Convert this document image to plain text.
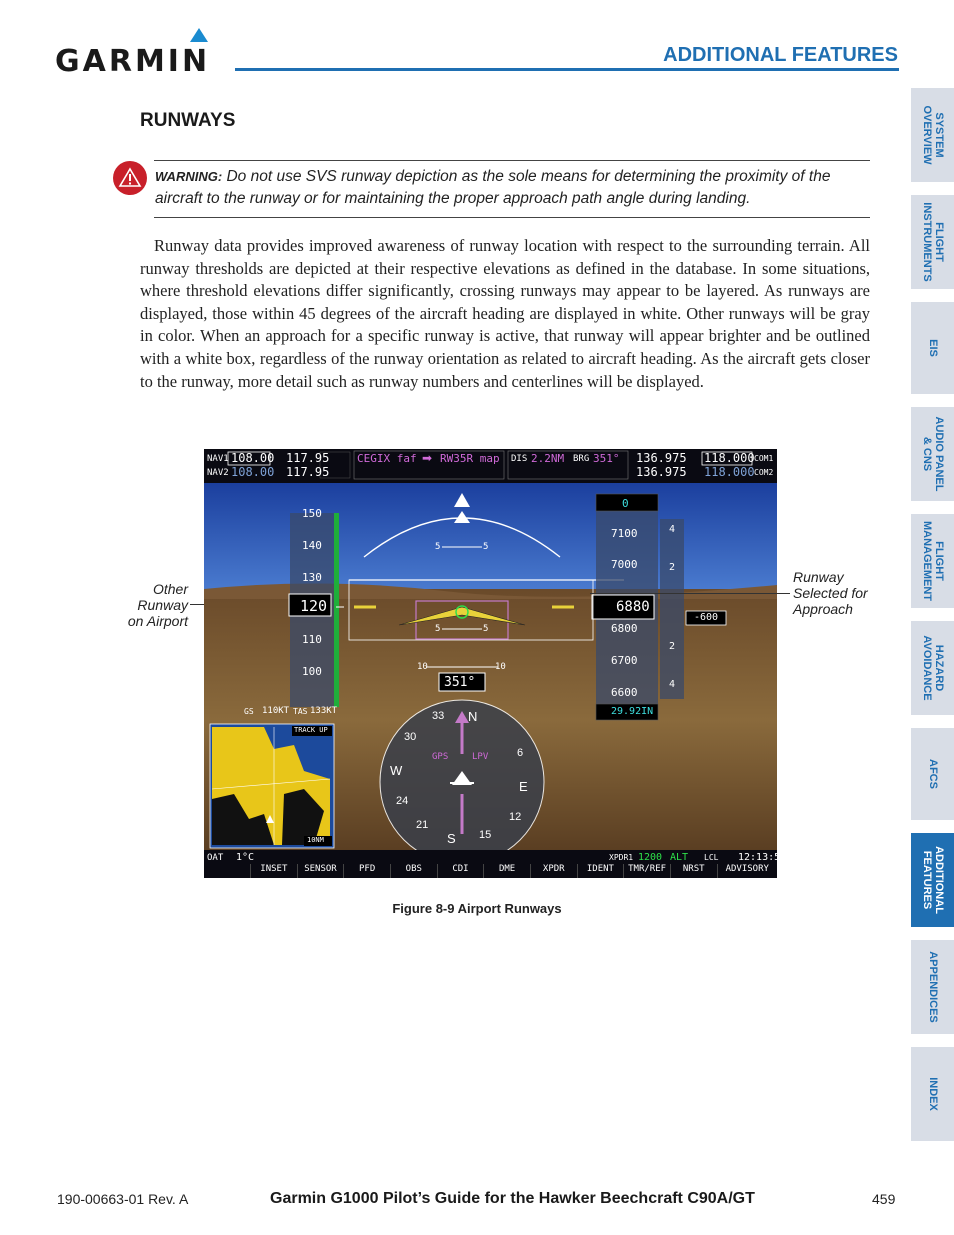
GARMIN	ADDITIONAL FEATURES
RUNWAYS
WARNING: Do not use SVS runway depiction as the sole means for determining the proximity of the aircraft to the runway or for maintaining the proper approach path angle during landing.
Runway data provides improved awareness of runway location with respect to the surrounding terrain. All runway thresholds are depicted at their respective elevations as defined in the database. In some situations, where threshold elevations differ significantly, crossing runways may appear to be layered. As runways are displayed, those within 45 degrees of the aircraft heading are displayed in white. Other runways will be gray in color. When an approach for a specific runway is active, that runway will appear brighter and be outlined with a white box, regardless of the runway orientation as related to aircraft heading. As the aircraft gets closer to the runway, more detail such as runway numbers and centerlines will be displayed.
Other
Runway
on Airport
Runway
Selected for
Approach
NAV1 108.00 117.95
NAV2 108.00 117.95
CEGIX faf ➡ RW35R map DIS 2.2NM BRG 351° 136.975 118.000 COM1
136.975 118.000 COM2
150
140
130
120
110
100
0
7100
7000
6880
6800
6700
6600
4
2
-600
2
4
29.92IN
5	5
5	5
10	10
351°
GPS	LPV
33
30
W
24
21
S 15
12
E
6
N
GS 110KT TAS 133KT
TRACK UP
10NM
OAT 1°C	XPDR1 1200 ALT LCL 12:13:54
INSET	SENSOR	PFD	OBS	CDI	DME	XPDR	IDENT	TMR/REF	NRST	ADVISORY
Figure 8-9 Airport Runways
SYSTEM
OVERVIEW
FLIGHT
INSTRUMENTS
EIS
AUDIO PANEL
& CNS
FLIGHT
MANAGEMENT
HAZARD
AVOIDANCE
AFCS
ADDITIONAL
FEATURES
APPENDICES
INDEX
190-00663-01 Rev. A	Garmin G1000 Pilot’s Guide for the Hawker Beechcraft C90A/GT	459
